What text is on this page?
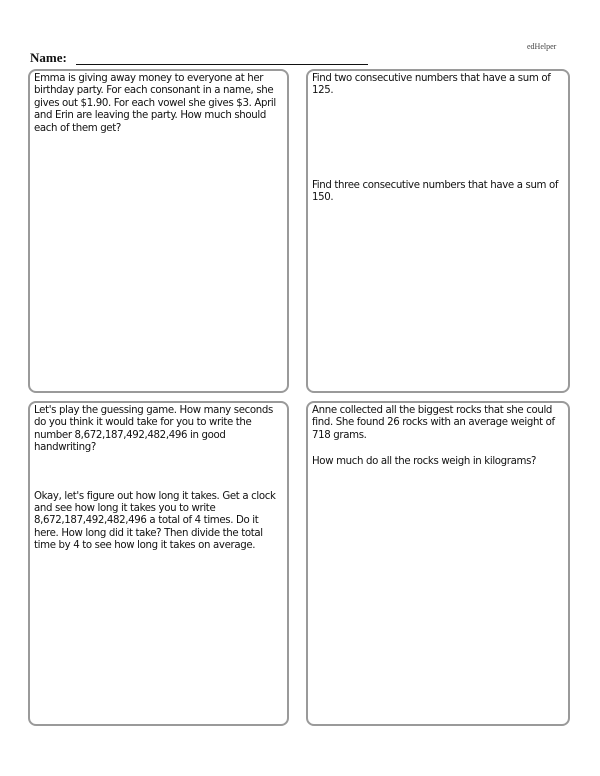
edHelper
Name:

Emma is giving away money to everyone at her birthday party. For each consonant in a name, she gives out $1.90. For each vowel she gives $3. April and Erin are leaving the party. How much should each of them get?

Find two consecutive numbers that have a sum of 125.

Find three consecutive numbers that have a sum of 150.

Let's play the guessing game. How many seconds do you think it would take for you to write the number 8,672,187,492,482,496 in good handwriting?

Okay, let's figure out how long it takes. Get a clock and see how long it takes you to write 8,672,187,492,482,496 a total of 4 times. Do it here. How long did it take? Then divide the total time by 4 to see how long it takes on average.

Anne collected all the biggest rocks that she could find. She found 26 rocks with an average weight of 718 grams.

How much do all the rocks weigh in kilograms?
